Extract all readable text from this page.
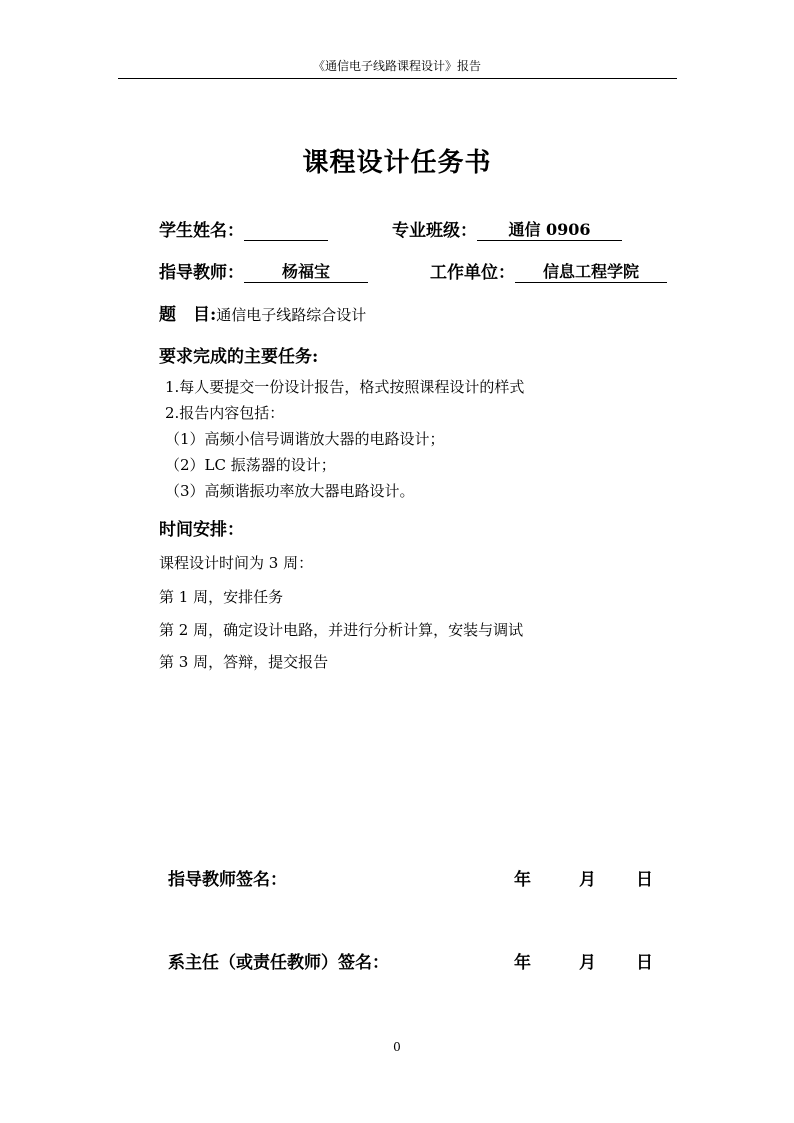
《通信电子线路课程设计》报告
课程设计任务书
学生姓名：	专业班级： 通信 0906
指导教师： 杨福宝	工作单位： 信息工程学院
题　目:通信电子线路综合设计
要求完成的主要任务:
1.每人要提交一份设计报告，格式按照课程设计的样式
2.报告内容包括：
（1）高频小信号调谐放大器的电路设计；
（2）LC 振荡器的设计；
（3）高频谐振功率放大器电路设计。
时间安排：
课程设计时间为 3 周：
第 1 周，安排任务
第 2 周，确定设计电路，并进行分析计算，安装与调试
第 3 周，答辩，提交报告
指导教师签名：	年	月 日
系主任（或责任教师）签名：	年	月 日
0
